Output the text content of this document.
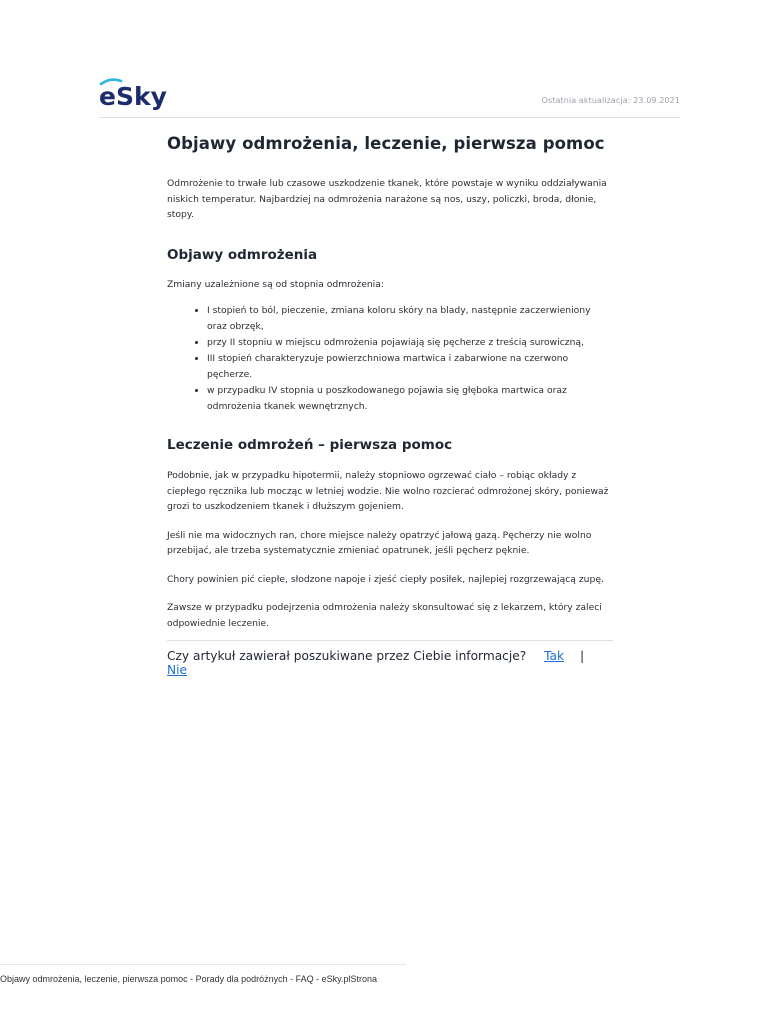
eSky	Ostatnia aktualizacja: 23.09.2021
Objawy odmrożenia, leczenie, pierwsza pomoc

Odmrożenie to trwałe lub czasowe uszkodzenie tkanek, które powstaje w wyniku oddziaływania niskich temperatur. Najbardziej na odmrożenia narażone są nos, uszy, policzki, broda, dłonie, stopy.

Objawy odmrożenia

Zmiany uzależnione są od stopnia odmrożenia:

• I stopień to ból, pieczenie, zmiana koloru skóry na blady, następnie zaczerwieniony oraz obrzęk,
• przy II stopniu w miejscu odmrożenia pojawiają się pęcherze z treścią surowiczną,
• III stopień charakteryzuje powierzchniowa martwica i zabarwione na czerwono pęcherze.
• w przypadku IV stopnia u poszkodowanego pojawia się głęboka martwica oraz odmrożenia tkanek wewnętrznych.
Leczenie odmrożeń – pierwsza pomoc

Podobnie, jak w przypadku hipotermii, należy stopniowo ogrzewać ciało – robiąc okłady z ciepłego ręcznika lub mocząc w letniej wodzie. Nie wolno rozcierać odmrożonej skóry, ponieważ grozi to uszkodzeniem tkanek i dłuższym gojeniem.

Jeśli nie ma widocznych ran, chore miejsce należy opatrzyć jałową gazą. Pęcherzy nie wolno przebijać, ale trzeba systematycznie zmieniać opatrunek, jeśli pęcherz pęknie.

Chory powinien pić ciepłe, słodzone napoje i zjeść ciepły posiłek, najlepiej rozgrzewającą zupę.

Zawsze w przypadku podejrzenia odmrożenia należy skonsultować się z lekarzem, który zaleci odpowiednie leczenie.

Czy artykuł zawierał poszukiwane przez Ciebie informacje? Tak | Nie
Objawy odmrożenia, leczenie, pierwsza pomoc - Porady dla podróżnych - FAQ - eSky.plStrona
